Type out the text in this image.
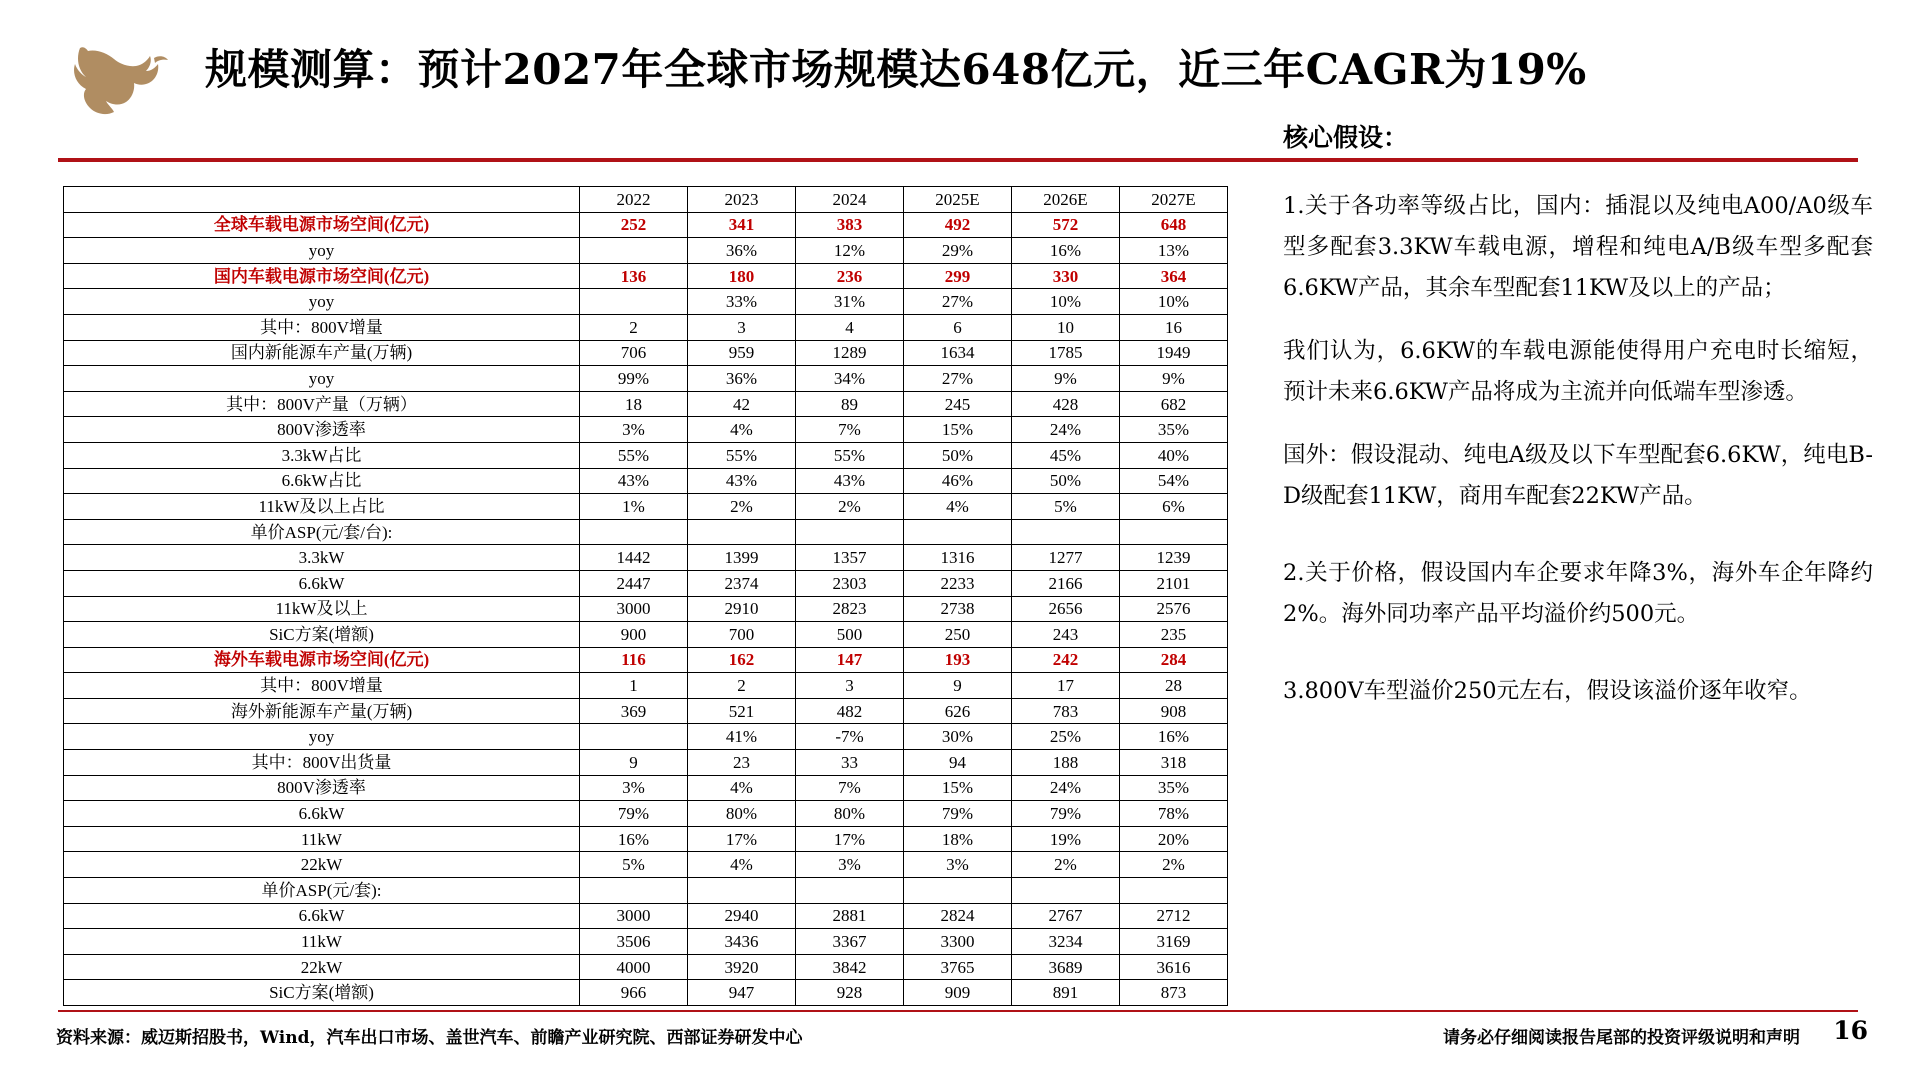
规模测算：预计2027年全球市场规模达648亿元，近三年CAGR为19%
核心假设：
	2022	2023	2024	2025E	2026E	2027E
全球车载电源市场空间(亿元)	252	341	383	492	572	648
yoy		36%	12%	29%	16%	13%
国内车载电源市场空间(亿元)	136	180	236	299	330	364
yoy		33%	31%	27%	10%	10%
其中：800V增量	2	3	4	6	10	16
国内新能源车产量(万辆)	706	959	1289	1634	1785	1949
yoy	99%	36%	34%	27%	9%	9%
其中：800V产量（万辆）	18	42	89	245	428	682
800V渗透率	3%	4%	7%	15%	24%	35%
3.3kW占比	55%	55%	55%	50%	45%	40%
6.6kW占比	43%	43%	43%	46%	50%	54%
11kW及以上占比	1%	2%	2%	4%	5%	6%
单价ASP(元/套/台):						
3.3kW	1442	1399	1357	1316	1277	1239
6.6kW	2447	2374	2303	2233	2166	2101
11kW及以上	3000	2910	2823	2738	2656	2576
SiC方案(增额)	900	700	500	250	243	235
海外车载电源市场空间(亿元)	116	162	147	193	242	284
其中：800V增量	1	2	3	9	17	28
海外新能源车产量(万辆)	369	521	482	626	783	908
yoy		41%	-7%	30%	25%	16%
其中：800V出货量	9	23	33	94	188	318
800V渗透率	3%	4%	7%	15%	24%	35%
6.6kW	79%	80%	80%	79%	79%	78%
11kW	16%	17%	17%	18%	19%	20%
22kW	5%	4%	3%	3%	2%	2%
单价ASP(元/套):						
6.6kW	3000	2940	2881	2824	2767	2712
11kW	3506	3436	3367	3300	3234	3169
22kW	4000	3920	3842	3765	3689	3616
SiC方案(增额)	966	947	928	909	891	873

1.关于各功率等级占比，国内：插混以及纯电A00/A0级车型多配套3.3KW车载电源，增程和纯电A/B级车型多配套6.6KW产品，其余车型配套11KW及以上的产品；

我们认为，6.6KW的车载电源能使得用户充电时长缩短，预计未来6.6KW产品将成为主流并向低端车型渗透。

国外：假设混动、纯电A级及以下车型配套6.6KW，纯电B-D级配套11KW，商用车配套22KW产品。

2.关于价格，假设国内车企要求年降3%，海外车企年降约2%。海外同功率产品平均溢价约500元。

3.800V车型溢价250元左右，假设该溢价逐年收窄。

资料来源：威迈斯招股书，Wind，汽车出口市场、盖世汽车、前瞻产业研究院、西部证券研发中心	请务必仔细阅读报告尾部的投资评级说明和声明 16
